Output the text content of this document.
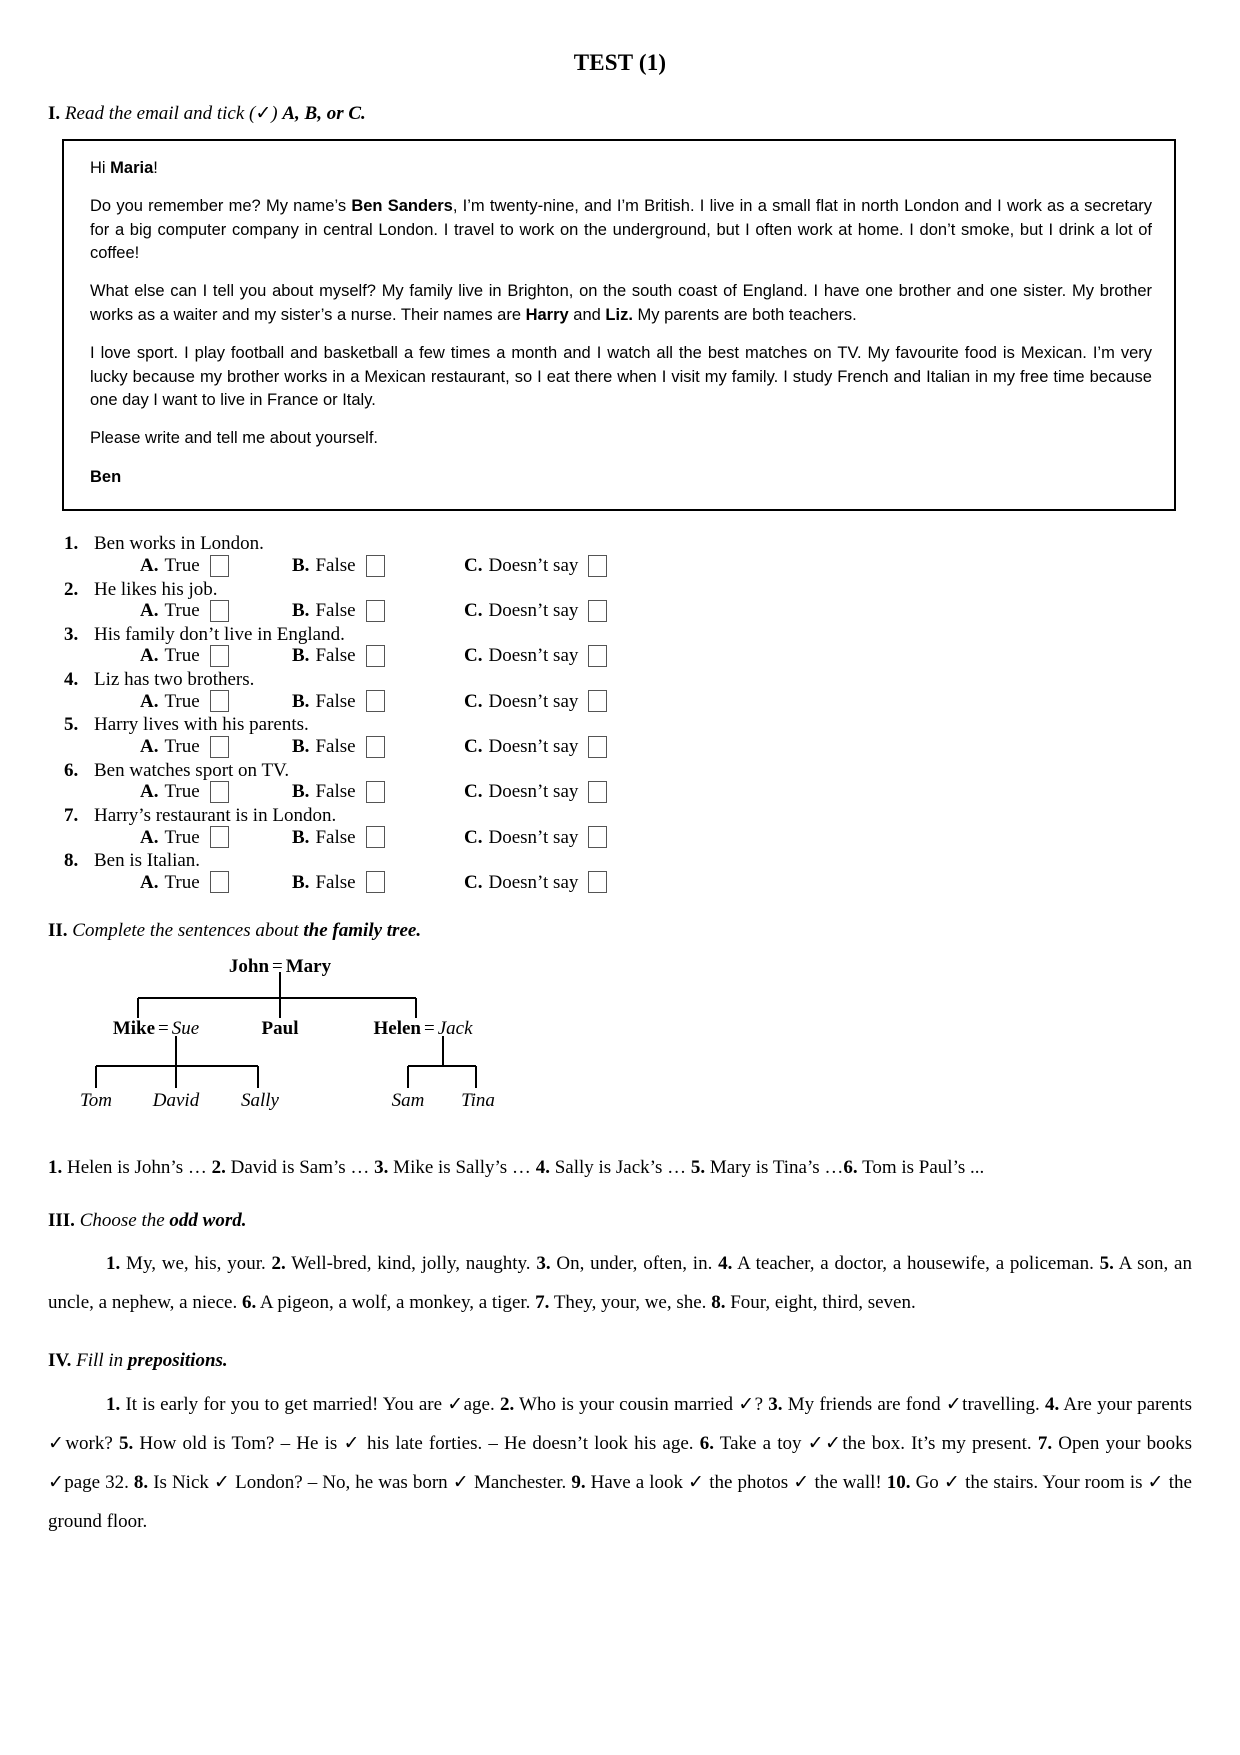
TEST (1)
I. Read the email and tick (✓) A, B, or C.

Hi Maria!

Do you remember me? My name’s Ben Sanders, I’m twenty-nine, and I’m British. I live in a small flat in north London and I work as a secretary for a big computer company in central London. I travel to work on the underground, but I often work at home. I don’t smoke, but I drink a lot of coffee!

What else can I tell you about myself? My family live in Brighton, on the south coast of England. I have one brother and one sister. My brother works as a waiter and my sister’s a nurse. Their names are Harry and Liz. My parents are both teachers.

I love sport. I play football and basketball a few times a month and I watch all the best matches on TV. My favourite food is Mexican. I’m very lucky because my brother works in a Mexican restaurant, so I eat there when I visit my family. I study French and Italian in my free time because one day I want to live in France or Italy.

Please write and tell me about yourself.

Ben

1. Ben works in London.
A. True	B. False	C. Doesn’t say
2. He likes his job.
A. True	B. False	C. Doesn’t say
3. His family don’t live in England.
A. True	B. False	C. Doesn’t say
4. Liz has two brothers.
A. True	B. False	C. Doesn’t say
5. Harry lives with his parents.
A. True	B. False	C. Doesn’t say
6. Ben watches sport on TV.
A. True	B. False	C. Doesn’t say
7. Harry’s restaurant is in London.
A. True	B. False	C. Doesn’t say
8. Ben is Italian.
A. True	B. False	C. Doesn’t say
II. Complete the sentences about the family tree.
John = Mary
Mike = Sue	Paul	Helen = Jack
Tom David Sally	Sam Tina
1. Helen is John’s … 2. David is Sam’s … 3. Mike is Sally’s … 4. Sally is Jack’s … 5. Mary is Tina’s …6. Tom is Paul’s ...
III. Choose the odd word.
1. My, we, his, your. 2. Well-bred, kind, jolly, naughty. 3. On, under, often, in. 4. A teacher, a doctor, a housewife, a policeman. 5. A son, an uncle, a nephew, a niece. 6. A pigeon, a wolf, a monkey, a tiger. 7. They, your, we, she. 8. Four, eight, third, seven.
IV. Fill in prepositions.
1. It is early for you to get married! You are ✓age. 2. Who is your cousin married ✓? 3. My friends are fond ✓travelling. 4. Are your parents ✓work? 5. How old is Tom? – He is ✓ his late forties. – He doesn’t look his age. 6. Take a toy ✓✓the box. It’s my present. 7. Open your books ✓page 32. 8. Is Nick ✓ London? – No, he was born ✓ Manchester. 9. Have a look ✓ the photos ✓ the wall! 10. Go ✓ the stairs. Your room is ✓ the ground floor.
